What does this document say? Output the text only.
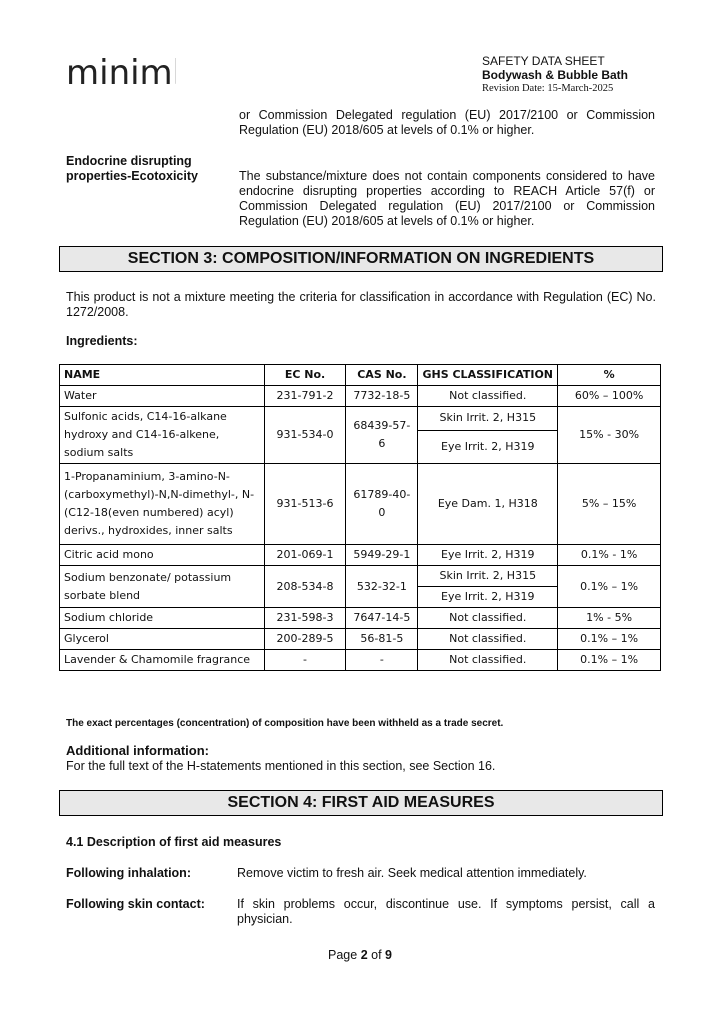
miniml	SAFETY DATA SHEET
Bodywash & Bubble Bath
Revision Date: 15-March-2025
or Commission Delegated regulation (EU) 2017/2100 or Commission Regulation (EU) 2018/605 at levels of 0.1% or higher.
Endocrine disrupting properties-Ecotoxicity	The substance/mixture does not contain components considered to have endocrine disrupting properties according to REACH Article 57(f) or Commission Delegated regulation (EU) 2017/2100 or Commission Regulation (EU) 2018/605 at levels of 0.1% or higher.
SECTION 3: COMPOSITION/INFORMATION ON INGREDIENTS
This product is not a mixture meeting the criteria for classification in accordance with Regulation (EC) No. 1272/2008.
Ingredients:
NAME	EC No.	CAS No.	GHS CLASSIFICATION	%
Water	231-791-2	7732-18-5	Not classified.	60% – 100%
Sulfonic acids, C14-16-alkane hydroxy and C14-16-alkene, sodium salts	931-534-0	68439-57-6	Skin Irrit. 2, H315	15% - 30%
			Eye Irrit. 2, H319	
1-Propanaminium, 3-amino-N-(carboxymethyl)-N,N-dimethyl-, N-(C12-18(even numbered) acyl) derivs., hydroxides, inner salts	931-513-6	61789-40-0	Eye Dam. 1, H318	5% – 15%
Citric acid mono	201-069-1	5949-29-1	Eye Irrit. 2, H319	0.1% - 1%
Sodium benzonate/ potassium sorbate blend	208-534-8	532-32-1	Skin Irrit. 2, H315	0.1% – 1%
			Eye Irrit. 2, H319	
Sodium chloride	231-598-3	7647-14-5	Not classified.	1% - 5%
Glycerol	200-289-5	56-81-5	Not classified.	0.1% – 1%
Lavender & Chamomile fragrance	-	-	Not classified.	0.1% – 1%
The exact percentages (concentration) of composition have been withheld as a trade secret.
Additional information:
For the full text of the H-statements mentioned in this section, see Section 16.
SECTION 4: FIRST AID MEASURES
4.1 Description of first aid measures
Following inhalation:	Remove victim to fresh air. Seek medical attention immediately.
Following skin contact:	If skin problems occur, discontinue use. If symptoms persist, call a physician.
Page 2 of 9
